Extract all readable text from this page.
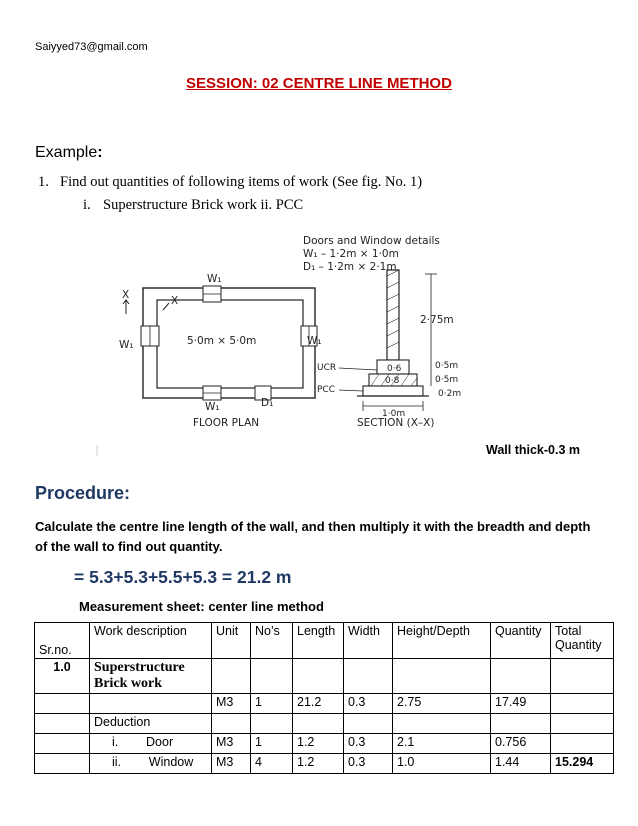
Saiyyed73@gmail.com
SESSION: 02 CENTRE LINE METHOD
Example:
1. Find out quantities of following items of work (See fig. No. 1)
i. Superstructure Brick work ii. PCC
Doors and Window details
W₁ – 1·2m × 1·0m
D₁ – 1·2m × 2·1m
5·0m × 5·0m
W₁
W₁	W₁
W₁	D₁
X	X
FLOOR PLAN
2·75m
0·5m
0·5m
0·2m
0·6
0·8
1·0m
UCR
PCC
SECTION (X–X)
Wall thick-0.3 m
Procedure:
Calculate the centre line length of the wall, and then multiply it with the breadth and depth of the wall to find out quantity.
= 5.3+5.3+5.5+5.3 = 21.2 m
Measurement sheet: center line method
Sr.no.	Work description	Unit	No’s	Length	Width	Height/Depth	Quantity	Total Quantity
1.0	Superstructure Brick work							
		M3	1	21.2	0.3	2.75	17.49	
	Deduction							
	i.        Door	M3	1	1.2	0.3	2.1	0.756	
	ii.        Window	M3	4	1.2	0.3	1.0	1.44	15.294
